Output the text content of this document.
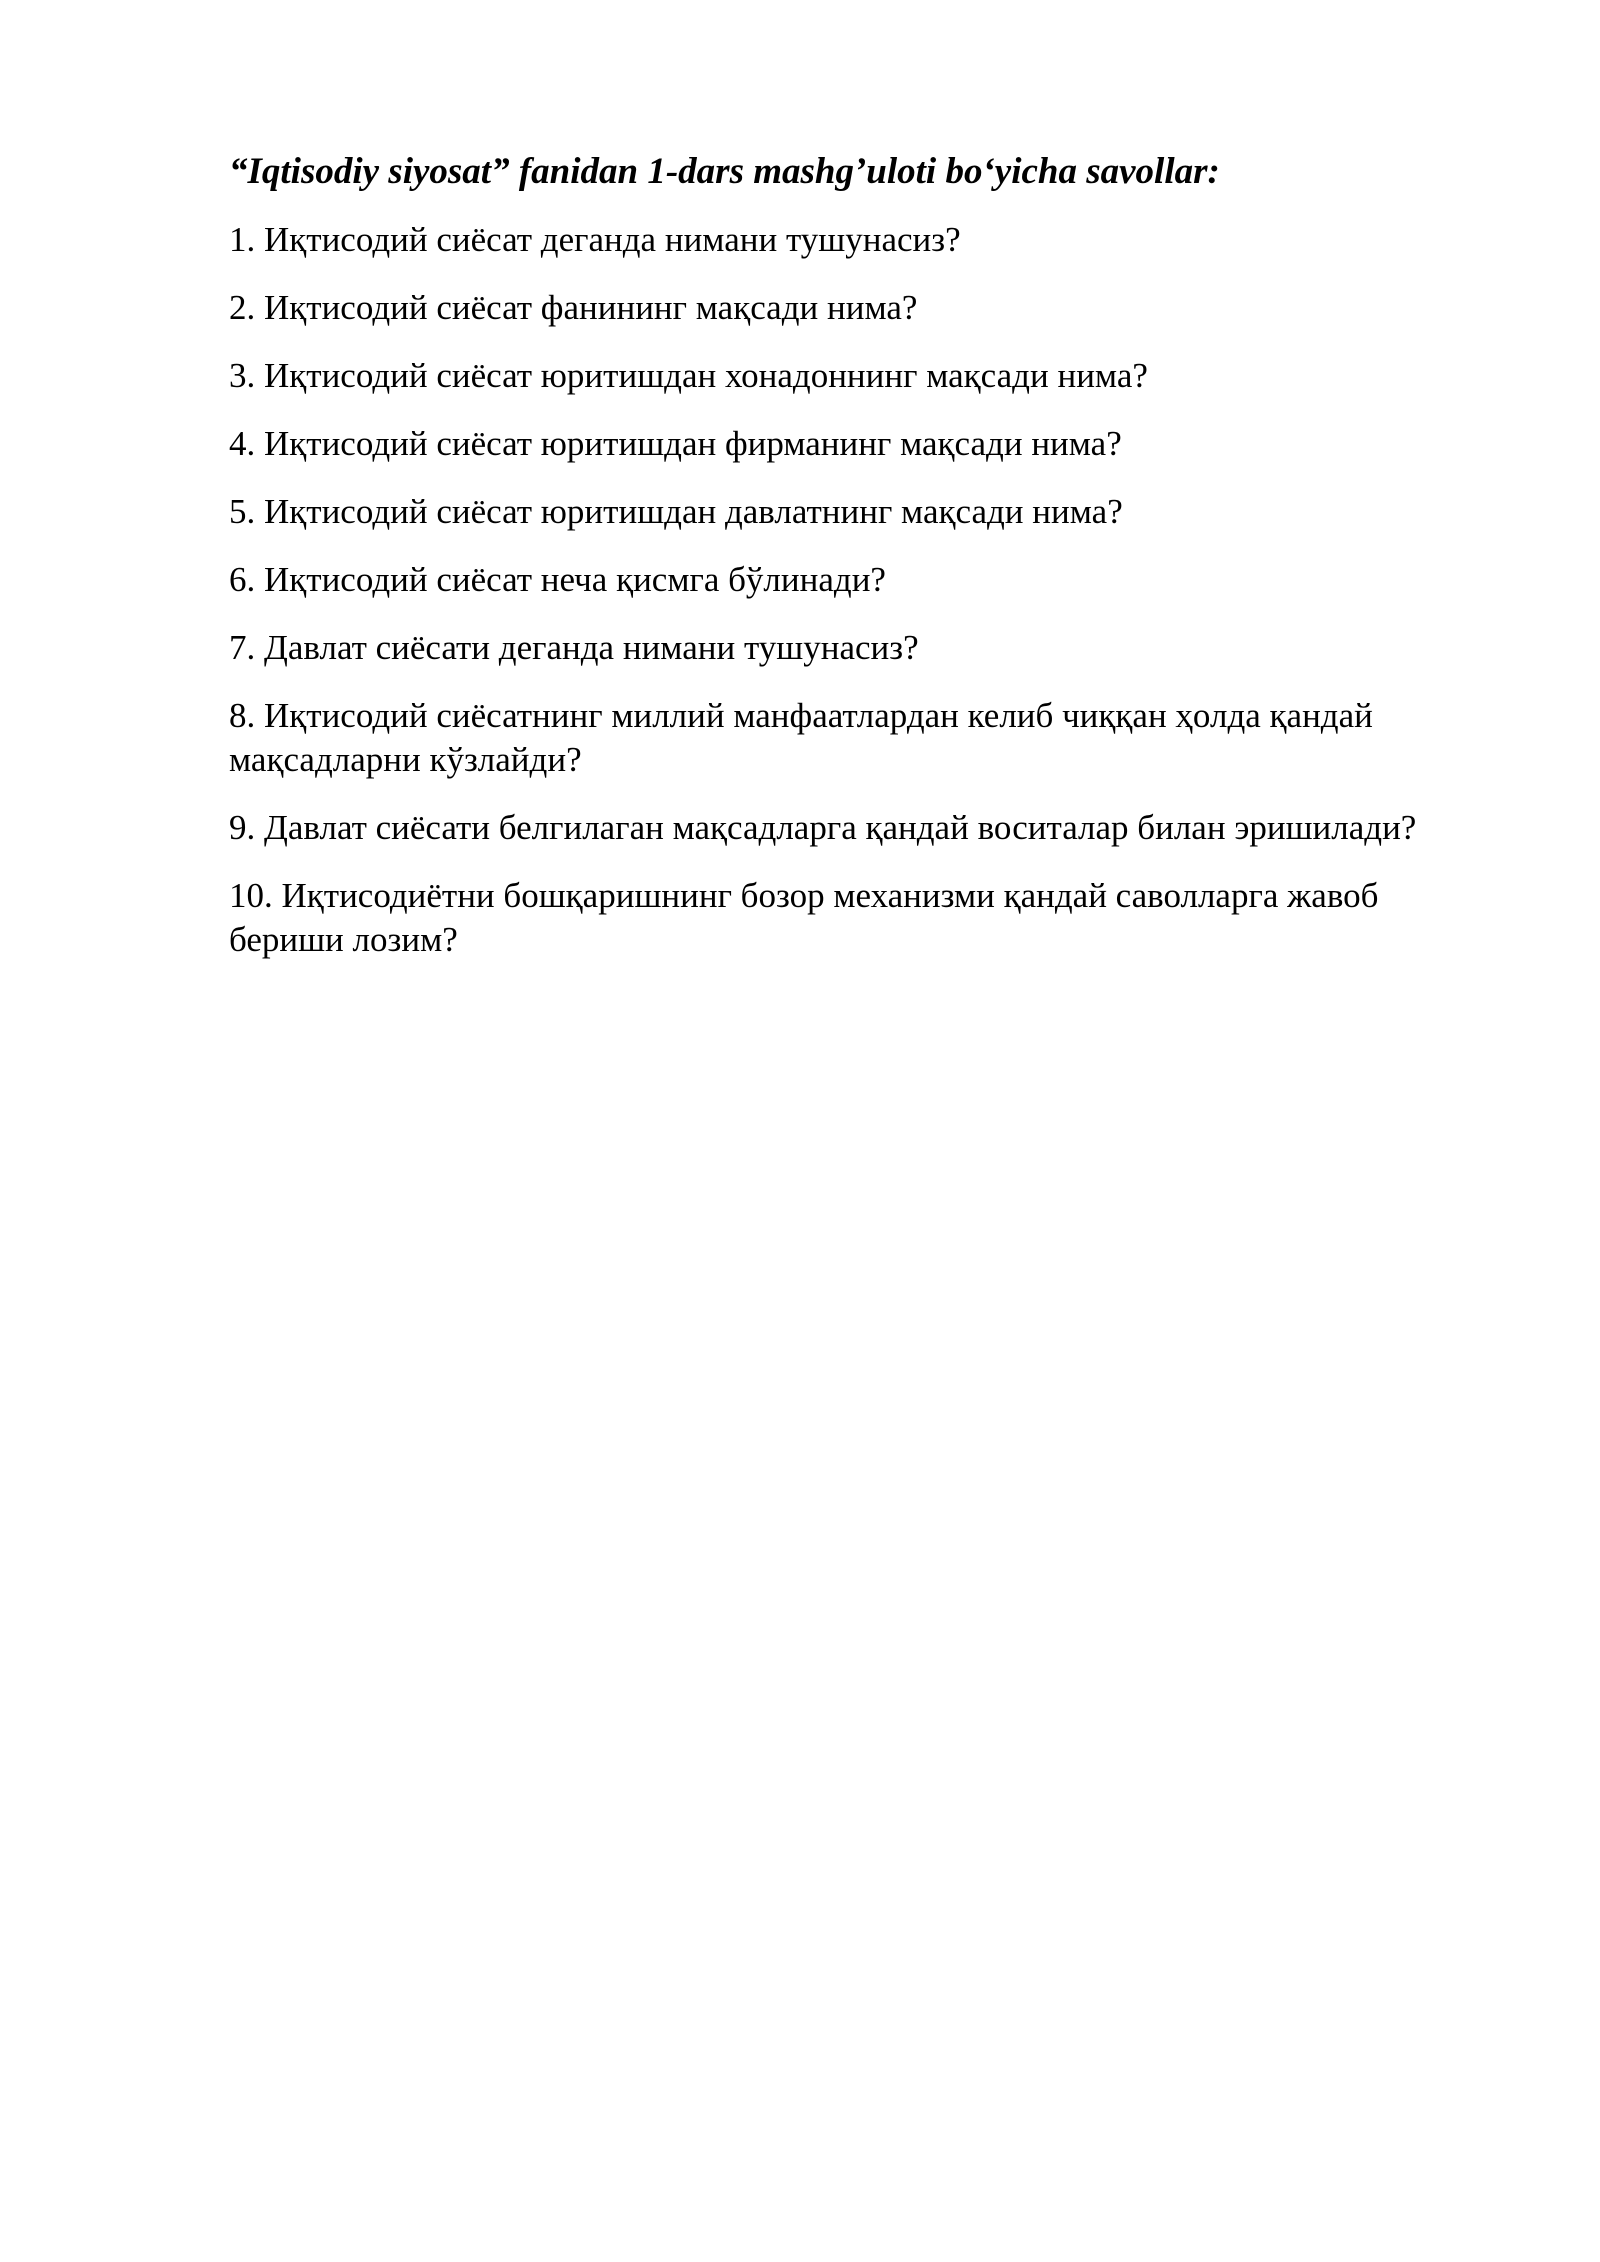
“Iqtisodiy siyosat” fanidan 1-dars mashg’uloti bo‘yicha savollar:

1. Иқтисодий сиёсат деганда нимани тушунасиз?

2. Иқтисодий сиёсат фанининг мақсади нима?

3. Иқтисодий сиёсат юритишдан хонадоннинг мақсади нима?

4. Иқтисодий сиёсат юритишдан фирманинг мақсади нима?

5. Иқтисодий сиёсат юритишдан давлатнинг мақсади нима?

6. Иқтисодий сиёсат неча қисмга бўлинади?

7. Давлат сиёсати деганда нимани тушунасиз?

8. Иқтисодий сиёсатнинг миллий манфаатлардан келиб чиққан ҳолда қандай мақсадларни кўзлайди?

9. Давлат сиёсати белгилаган мақсадларга қандай воситалар билан эришилади?

10. Иқтисодиётни бошқаришнинг бозор механизми қандай саволларга жавоб бериши лозим?
